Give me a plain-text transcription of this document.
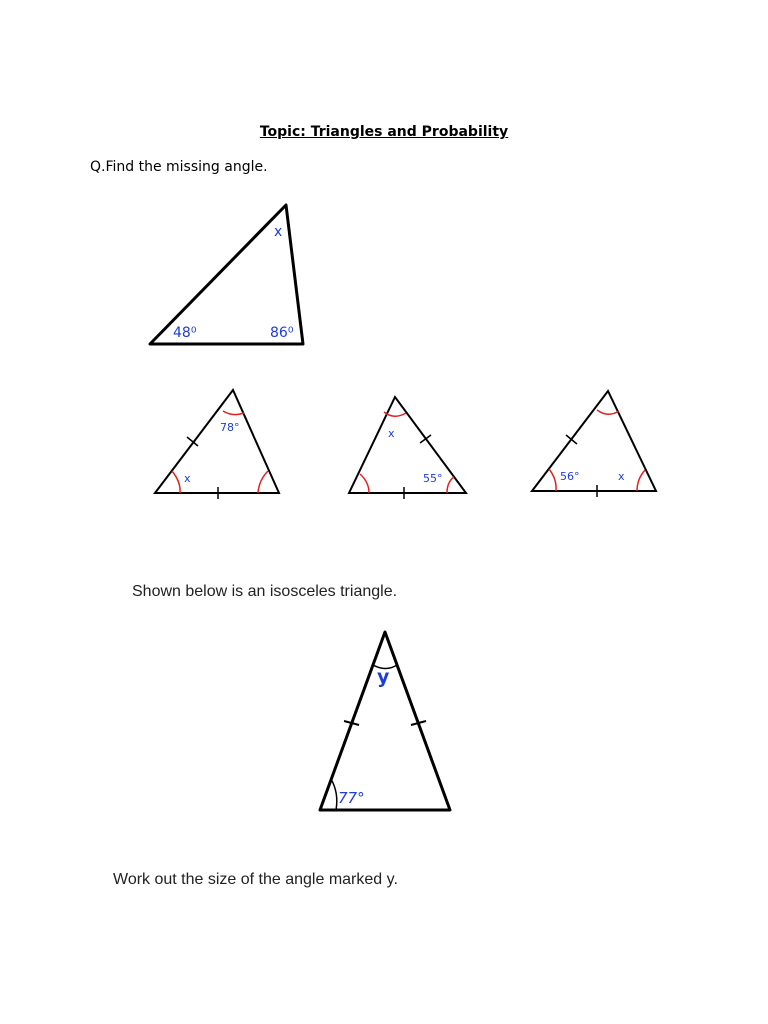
Topic: Triangles and Probability
Q.Find the missing angle.
x
48⁰	86⁰
78°
x
x
55°	56°	x
y
77°
Shown below is an isosceles triangle.
Work out the size of the angle marked y.
